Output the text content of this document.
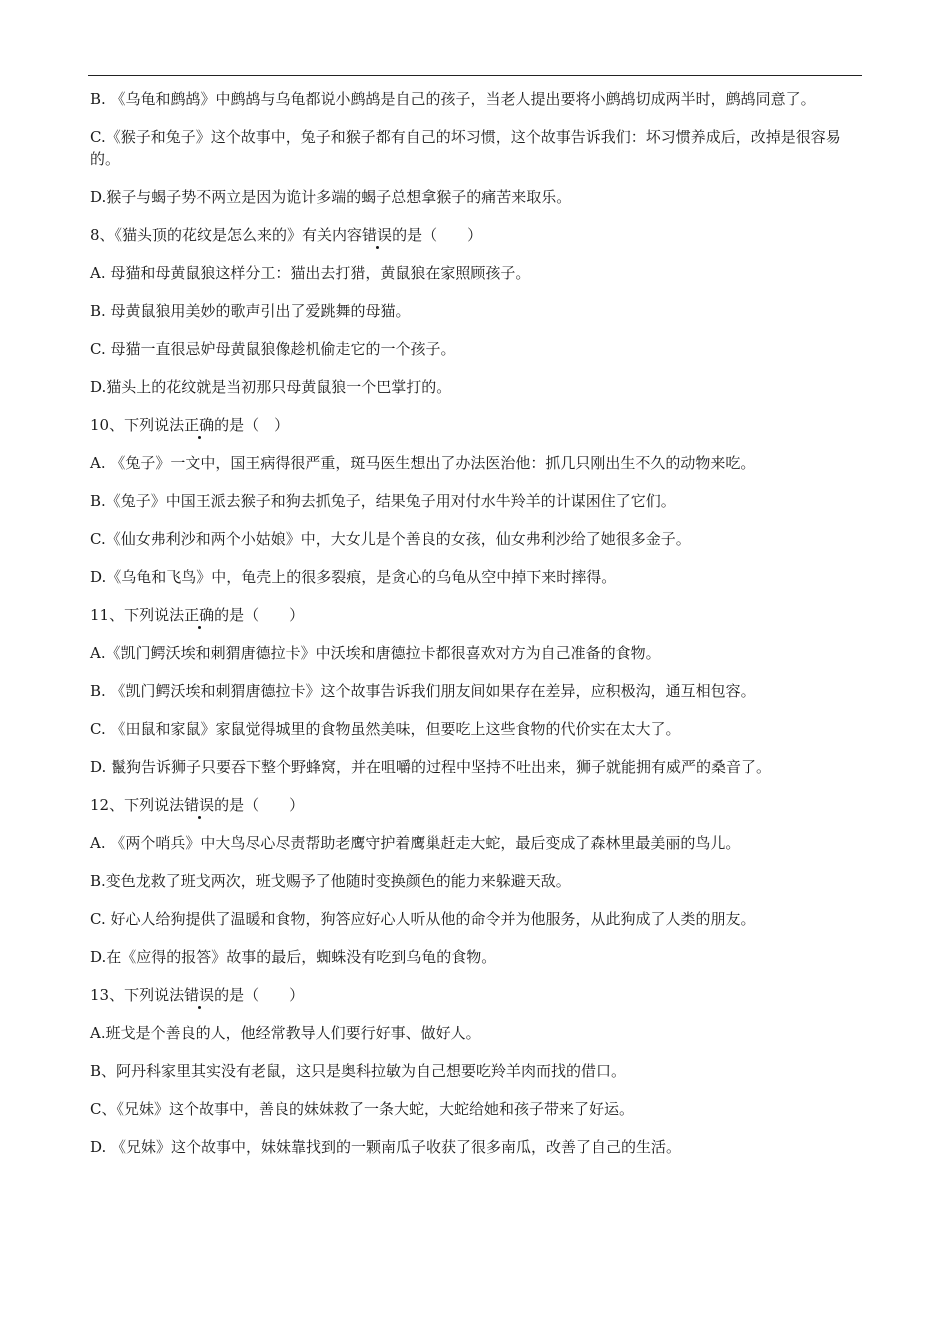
B. 《乌龟和鹧鸪》中鹧鸪与乌龟都说小鹧鸪是自己的孩子，当老人提出要将小鹧鸪切成两半时，鹧鸪同意了。

C.《猴子和兔子》这个故事中，兔子和猴子都有自己的坏习惯，这个故事告诉我们：坏习惯养成后，改掉是很容易的。

D.猴子与蝎子势不两立是因为诡计多端的蝎子总想拿猴子的痛苦来取乐。

8、《猫头顶的花纹是怎么来的》有关内容错误的是（　　）

A. 母猫和母黄鼠狼这样分工：猫出去打猎，黄鼠狼在家照顾孩子。

B. 母黄鼠狼用美妙的歌声引出了爱跳舞的母猫。

C. 母猫一直很忌妒母黄鼠狼像趁机偷走它的一个孩子。

D.猫头上的花纹就是当初那只母黄鼠狼一个巴掌打的。

10、下列说法正确的是（　）

A. 《兔子》一文中，国王病得很严重，斑马医生想出了办法医治他：抓几只刚出生不久的动物来吃。

B.《兔子》中国王派去猴子和狗去抓兔子，结果兔子用对付水牛羚羊的计谋困住了它们。

C.《仙女弗利沙和两个小姑娘》中，大女儿是个善良的女孩，仙女弗利沙给了她很多金子。

D.《乌龟和飞鸟》中，龟壳上的很多裂痕，是贪心的乌龟从空中掉下来时摔得。

11、下列说法正确的是（　　）

A.《凯门鳄沃埃和刺猬唐德拉卡》中沃埃和唐德拉卡都很喜欢对方为自己准备的食物。

B. 《凯门鳄沃埃和刺猬唐德拉卡》这个故事告诉我们朋友间如果存在差异，应积极沟，通互相包容。

C. 《田鼠和家鼠》家鼠觉得城里的食物虽然美味，但要吃上这些食物的代价实在太大了。

D. 鬣狗告诉狮子只要吞下整个野蜂窝，并在咀嚼的过程中坚持不吐出来，狮子就能拥有威严的桑音了。

12、下列说法错误的是（　　）

A. 《两个哨兵》中大鸟尽心尽责帮助老鹰守护着鹰巢赶走大蛇，最后变成了森林里最美丽的鸟儿。

B.变色龙救了班戈两次，班戈赐予了他随时变换颜色的能力来躲避天敌。

C. 好心人给狗提供了温暖和食物，狗答应好心人听从他的命令并为他服务，从此狗成了人类的朋友。

D.在《应得的报答》故事的最后，蜘蛛没有吃到乌龟的食物。

13、下列说法错误的是（　　）

A.班戈是个善良的人，他经常教导人们要行好事、做好人。

B、阿丹科家里其实没有老鼠，这只是奥科拉敏为自己想要吃羚羊肉而找的借口。

C、《兄妹》这个故事中，善良的妹妹救了一条大蛇，大蛇给她和孩子带来了好运。

D. 《兄妹》这个故事中，妹妹靠找到的一颗南瓜子收获了很多南瓜，改善了自己的生活。
